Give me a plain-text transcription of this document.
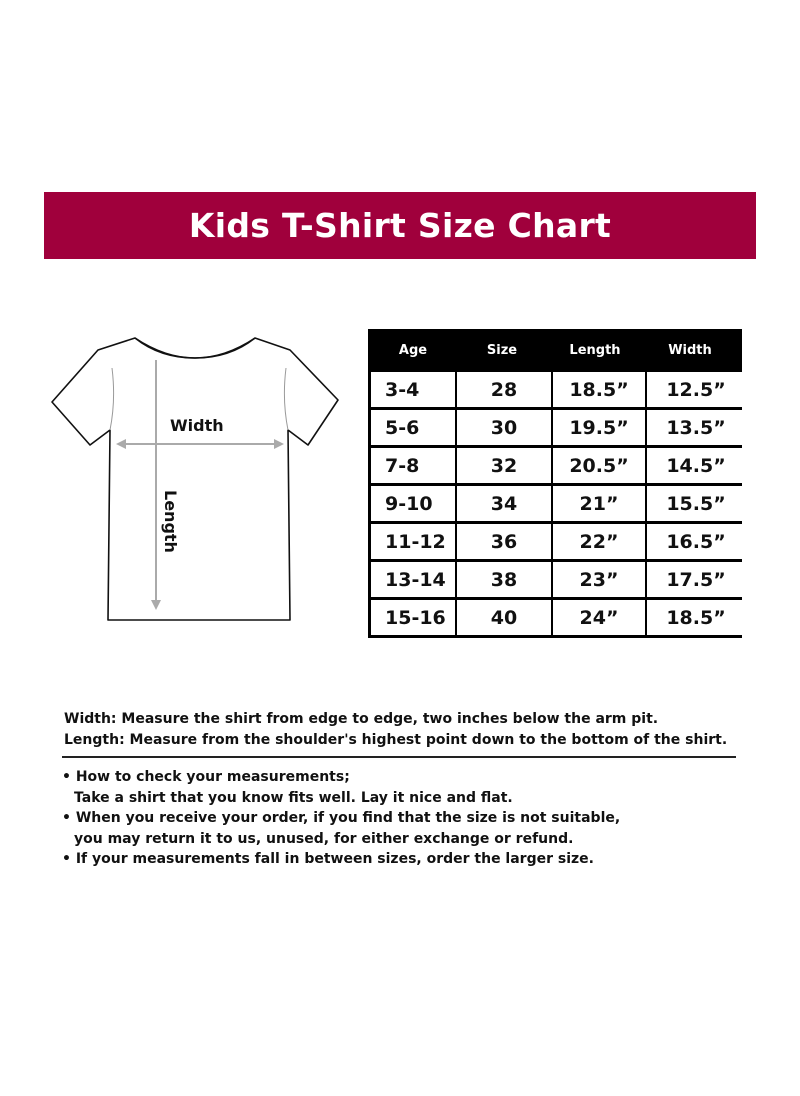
Kids T-Shirt Size Chart
Width
Length
Age	Size	Length	Width
3-4	28	18.5”	12.5”
5-6	30	19.5”	13.5”
7-8	32	20.5”	14.5”
9-10	34	21”	15.5”
11-12	36	22”	16.5”
13-14	38	23”	17.5”
15-16	40	24”	18.5”
Width: Measure the shirt from edge to edge, two inches below the arm pit.
Length: Measure from the shoulder's highest point down to the bottom of the shirt.
• How to check your measurements;
Take a shirt that you know fits well. Lay it nice and flat.
• When you receive your order, if you find that the size is not suitable,
you may return it to us, unused, for either exchange or refund.
• If your measurements fall in between sizes, order the larger size.
